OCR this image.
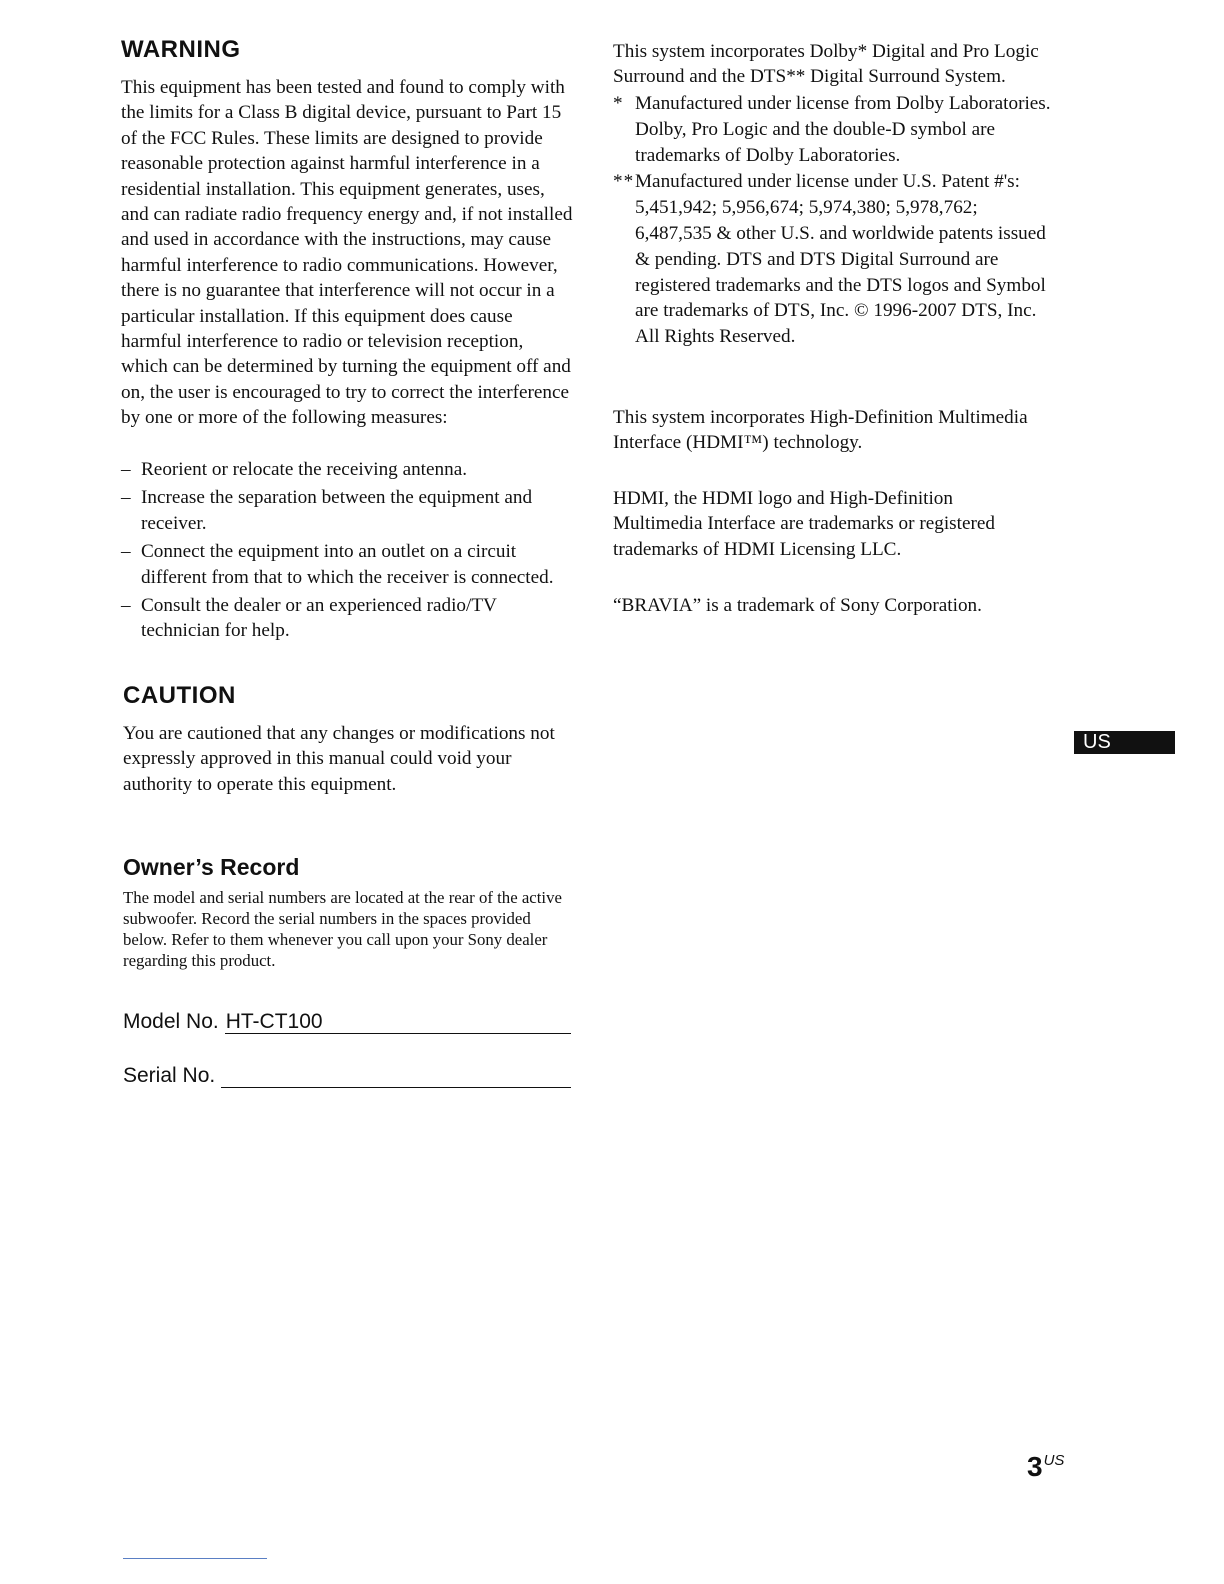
WARNING

This equipment has been tested and found to comply with the limits for a Class B digital device, pursuant to Part 15 of the FCC Rules. These limits are designed to provide reasonable protection against harmful interference in a residential installation. This equipment generates, uses, and can radiate radio frequency energy and, if not installed and used in accordance with the instructions, may cause harmful interference to radio communications. However, there is no guarantee that interference will not occur in a particular installation. If this equipment does cause harmful interference to radio or television reception, which can be determined by turning the equipment off and on, the user is encouraged to try to correct the interference by one or more of the following measures:

– Reorient or relocate the receiving antenna.
– Increase the separation between the equipment and receiver.
– Connect the equipment into an outlet on a circuit different from that to which the receiver is connected.
– Consult the dealer or an experienced radio/TV technician for help.
CAUTION

You are cautioned that any changes or modifications not expressly approved in this manual could void your authority to operate this equipment.

Owner’s Record

The model and serial numbers are located at the rear of the active subwoofer. Record the serial numbers in the spaces provided below. Refer to them whenever you call upon your Sony dealer regarding this product.

Model No. HT-CT100
Serial No.

This system incorporates Dolby* Digital and Pro Logic Surround and the DTS** Digital Surround System.

* Manufactured under license from Dolby Laboratories.
Dolby, Pro Logic and the double-D symbol are trademarks of Dolby Laboratories.
** Manufactured under license under U.S. Patent #'s: 5,451,942; 5,956,674; 5,974,380; 5,978,762; 6,487,535 & other U.S. and worldwide patents issued & pending. DTS and DTS Digital Surround are registered trademarks and the DTS logos and Symbol are trademarks of DTS, Inc. © 1996-2007 DTS, Inc. All Rights Reserved.

This system incorporates High-Definition Multimedia Interface (HDMI™) technology.

HDMI, the HDMI logo and High-Definition Multimedia Interface are trademarks or registered trademarks of HDMI Licensing LLC.

“BRAVIA” is a trademark of Sony Corporation.

US
3US
